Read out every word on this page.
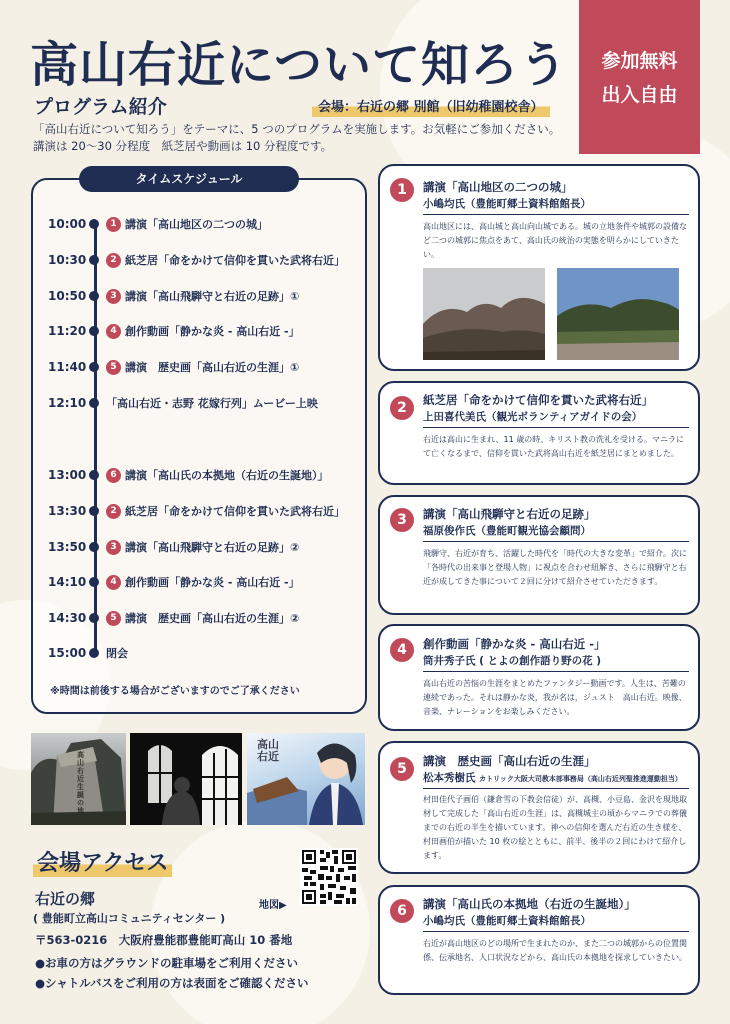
高山右近について知ろう
プログラム紹介	会場：右近の郷 別館（旧幼稚園校舎）
参加無料
出入自由
「高山右近について知ろう」をテーマに、5 つのプログラムを実施します。お気軽にご参加ください。
講演は 20～30 分程度　紙芝居や動画は 10 分程度です。
タイムスケジュール
10:00	1 講演「高山地区の二つの城」
10:30	2 紙芝居「命をかけて信仰を貫いた武将右近」
10:50	3 講演「高山飛騨守と右近の足跡」①
11:20	4 創作動画「静かな炎 - 高山右近 -」
11:40	5 講演　歴史画「高山右近の生涯」①
12:10 「高山右近・志野 花嫁行列」ムービー上映
13:00	6 講演「高山氏の本拠地（右近の生誕地）」
13:30	2 紙芝居「命をかけて信仰を貫いた武将右近」
13:50	3 講演「高山飛騨守と右近の足跡」②
14:10	4 創作動画「静かな炎 - 高山右近 -」
14:30	5 講演　歴史画「高山右近の生涯」②
15:00 閉会
※時間は前後する場合がございますのでご了承ください
高山右近生誕の地
高山右近
会場アクセス
右近の郷
( 豊能町立高山コミュニティセンター )
〒563-0216　大阪府豊能郡豊能町高山 10 番地
●お車の方はグラウンドの駐車場をご利用ください
●シャトルバスをご利用の方は表面をご確認ください
地図▶
1	講演「高山地区の二つの城」
小嶋均氏（豊能町郷土資料館館長）
高山地区には、高山城と高山向山城である。城の立地条件や城郭の設備など二つの城郭に焦点をあて、高山氏の統治の実態を明らかにしていきたい。
2	紙芝居「命をかけて信仰を貫いた武将右近」
上田喜代美氏（観光ボランティアガイドの会）
右近は高山に生まれ、11 歳の時、キリスト教の洗礼を受ける。マニラにて亡くなるまで、信仰を貫いた武将高山右近を紙芝居にまとめました。
3	講演「高山飛騨守と右近の足跡」
福原俊作氏（豊能町観光協会顧問）
飛騨守、右近が育ち、活躍した時代を「時代の大きな変革」で紹介。次に「各時代の出来事と登場人物」に視点を合わせ紐解き、さらに飛騨守と右近が成してきた事について２回に分けて紹介させていただきます。
4	創作動画「静かな炎 - 高山右近 -」
筒井秀子氏 ( とよの創作語り野の花 )
高山右近の苦悩の生涯をまとめたファンタジー動画です。人生は、苦難の連続であった。それは静かな炎，我が名は，ジュスト　高山右近。映像、音楽、ナレーションをお楽しみください。
5	講演　歴史画「高山右近の生涯」
松本秀樹氏 カトリック大阪大司教本部事務局（高山右近列聖推進運動担当）
村田佳代子画伯（鎌倉雪の下教会信徒）が、高槻、小豆島、金沢を現地取材して完成した「高山右近の生涯」は、高槻城主の頃からマニラでの葬儀までの右近の半生を描いています。神への信仰を選んだ右近の生き様を、村田画伯が描いた 10 枚の絵とともに、前半、後半の２回にわけて紹介します。
6	講演「高山氏の本拠地（右近の生誕地）」
小嶋均氏（豊能町郷土資料館館長）
右近が高山地区のどの場所で生まれたのか、また二つの城郭からの位置関係、伝承地名、人口状況などから、高山氏の本拠地を探求していきたい。
